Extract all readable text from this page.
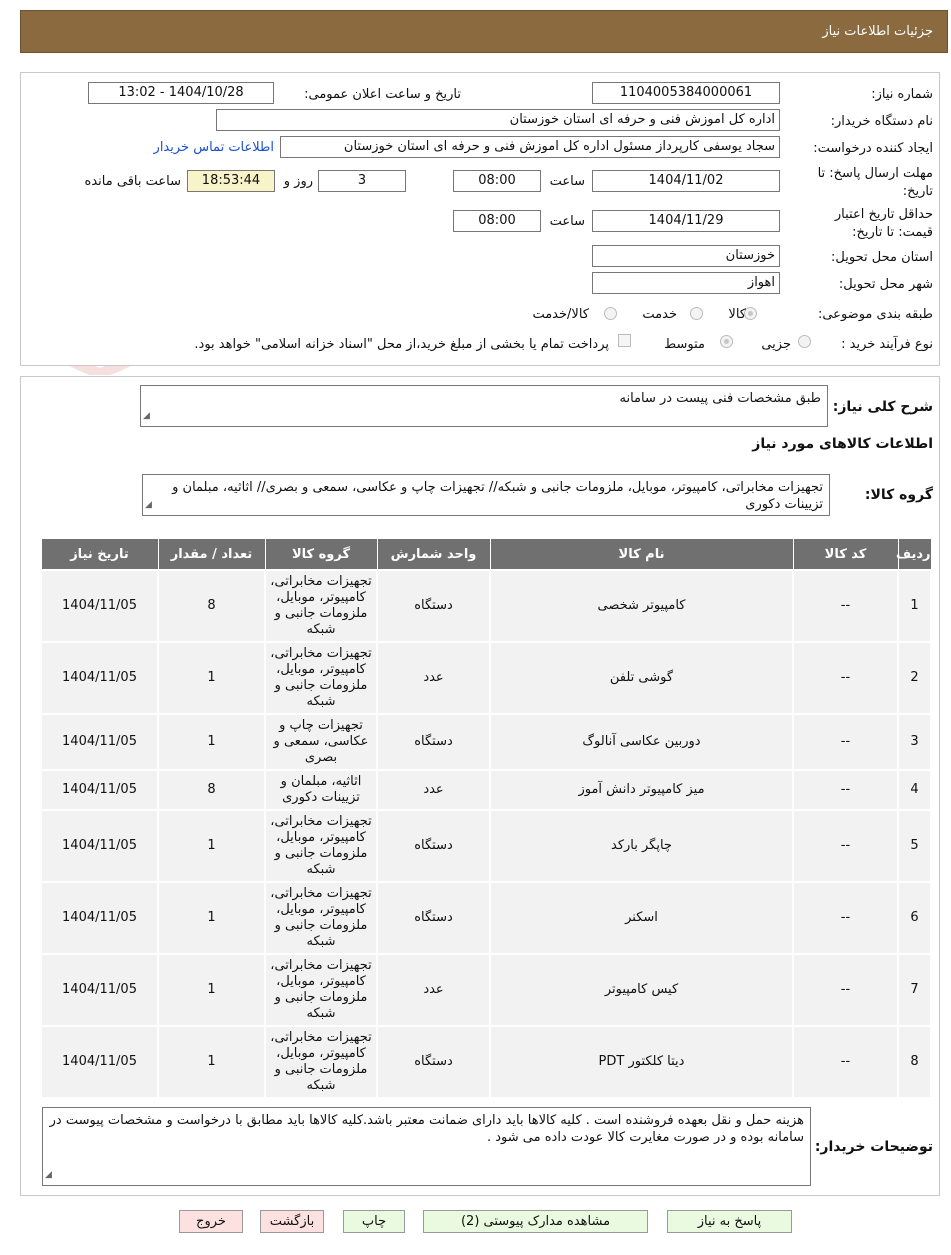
جزئیات اطلاعات نیاز
شماره نیاز:
1104005384000061
تاریخ و ساعت اعلان عمومی:
1404/10/28 - 13:02
نام دستگاه خریدار:
اداره کل اموزش فنی و حرفه ای استان خوزستان
ایجاد کننده درخواست:
سجاد یوسفی کارپرداز مسئول اداره کل اموزش فنی و حرفه ای استان خوزستان
اطلاعات تماس خریدار
مهلت ارسال پاسخ: تا
تاریخ:
1404/11/02
ساعت
08:00
3
روز و
18:53:44
ساعت باقی مانده
حداقل تاریخ اعتبار
قیمت: تا تاریخ:
1404/11/29
ساعت
08:00
استان محل تحویل:
خوزستان
شهر محل تحویل:
اهواز
طبقه بندی موضوعی:
کالا
خدمت
کالا/خدمت
نوع فرآیند خرید :
جزیی
متوسط
پرداخت تمام یا بخشی از مبلغ خرید،از محل "اسناد خزانه اسلامی" خواهد بود.
شرح کلی نیاز:
طبق مشخصات فنی پیست در سامانه
◢
اطلاعات کالاهای مورد نیاز
گروه کالا:
تجهیزات مخابراتی، کامپیوتر، موبایل، ملزومات جانبی و شبکه// تجهیزات چاپ و عکاسی، سمعی و بصری// اثاثیه، مبلمان و تزیینات دکوری
◢
ردیف	کد کالا	نام کالا	واحد شمارش	گروه کالا	تعداد / مقدار	تاریخ نیاز
1	--	کامپیوتر شخصی	دستگاه	تجهیزات مخابراتی، کامپیوتر، موبایل، ملزومات جانبی و شبکه	8	1404/11/05
2	--	گوشی تلفن	عدد	تجهیزات مخابراتی، کامپیوتر، موبایل، ملزومات جانبی و شبکه	1	1404/11/05
3	--	دوربین عکاسی آنالوگ	دستگاه	تجهیزات چاپ و عکاسی، سمعی و بصری	1	1404/11/05
4	--	میز کامپیوتر دانش آموز	عدد	اثاثیه، مبلمان و تزیینات دکوری	8	1404/11/05
5	--	چاپگر بارکد	دستگاه	تجهیزات مخابراتی، کامپیوتر، موبایل، ملزومات جانبی و شبکه	1	1404/11/05
6	--	اسکنر	دستگاه	تجهیزات مخابراتی، کامپیوتر، موبایل، ملزومات جانبی و شبکه	1	1404/11/05
7	--	کیس کامپیوتر	عدد	تجهیزات مخابراتی، کامپیوتر، موبایل، ملزومات جانبی و شبکه	1	1404/11/05
8	--	دیتا کلکتور PDT	دستگاه	تجهیزات مخابراتی، کامپیوتر، موبایل، ملزومات جانبی و شبکه	1	1404/11/05
توضیحات خریدار:
هزینه حمل و نقل بعهده فروشنده است . کلیه کالاها باید دارای ضمانت معتبر باشد.کلیه کالاها باید مطابق با درخواست و مشخصات پیوست در سامانه بوده و در صورت مغایرت کالا عودت داده می شود .
◢
پاسخ به نیاز
مشاهده مدارک پیوستی (2)
چاپ
بازگشت
خروج
